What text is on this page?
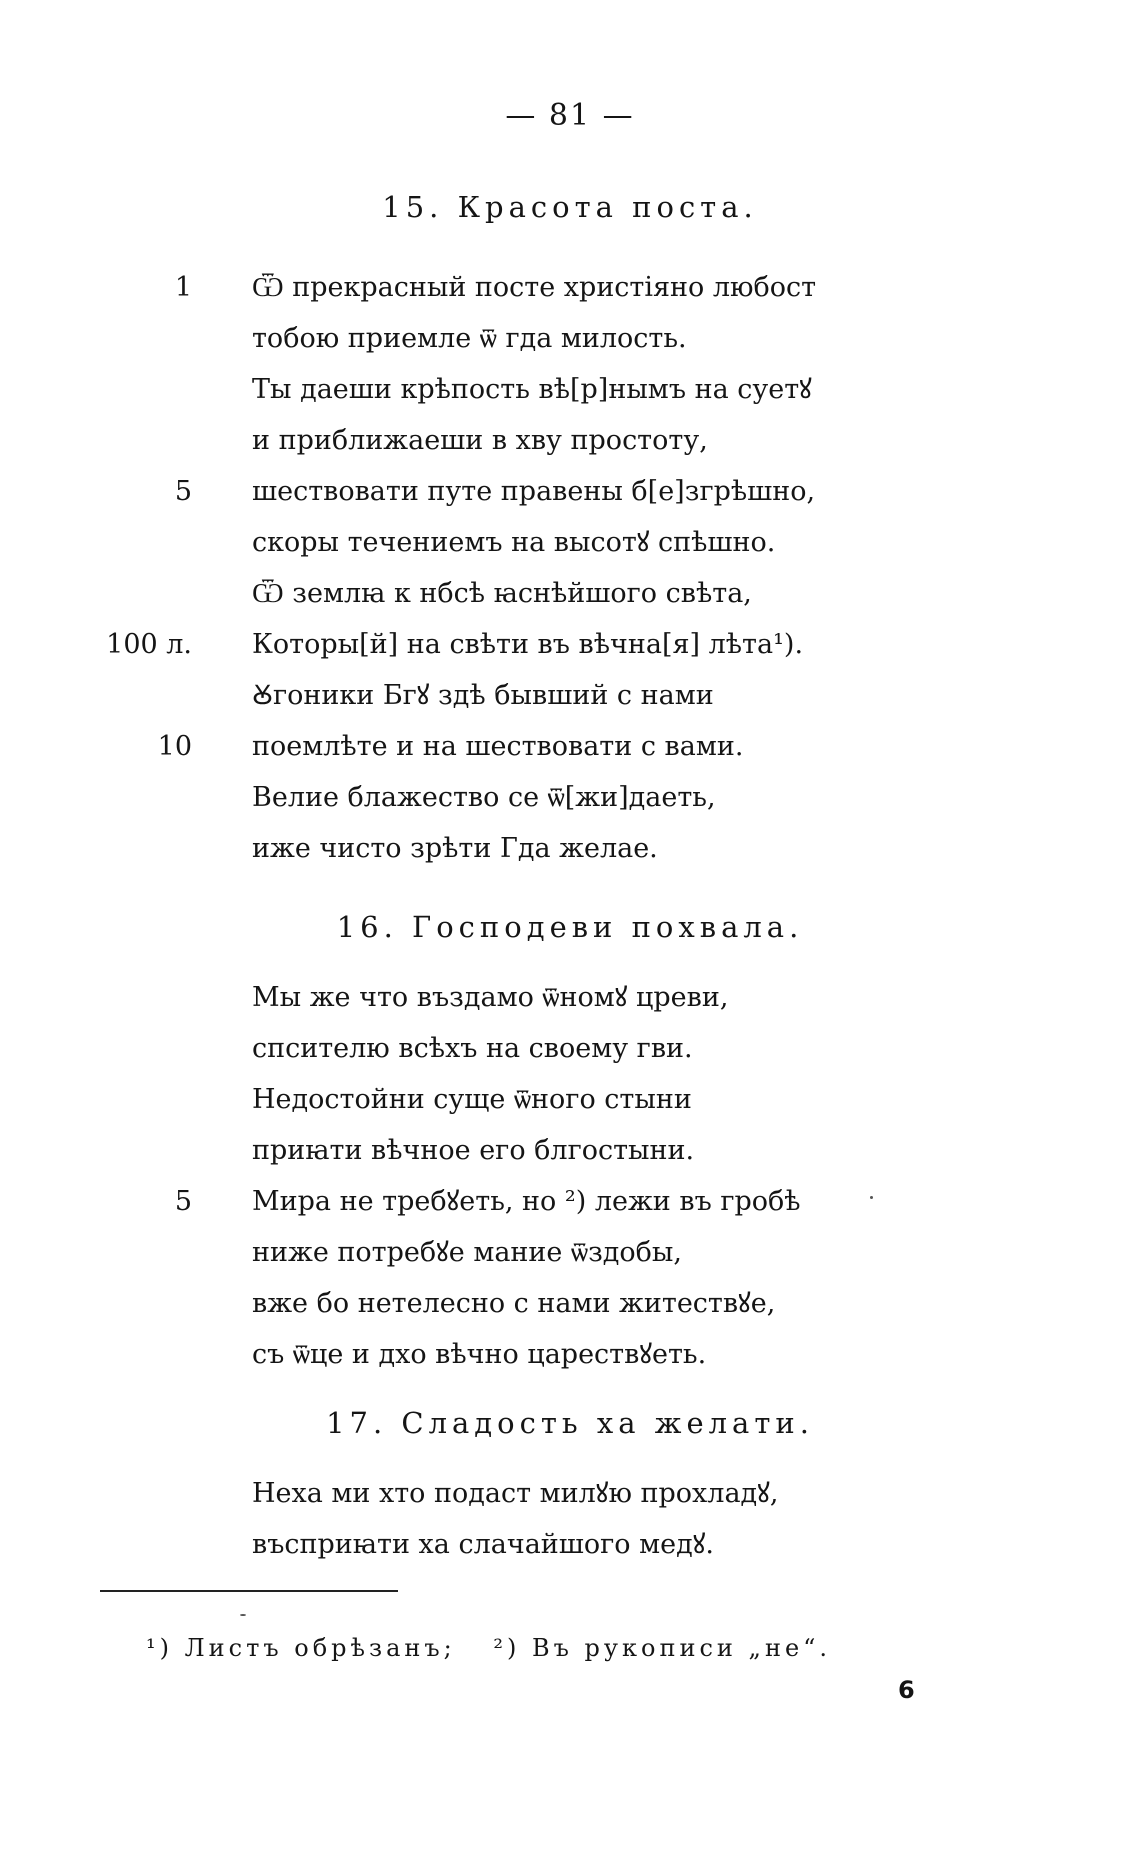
— 81 —
15. Красота поста.
1 Ѿ прекрасный посте христіяно любост
тобою приемле ѿ гда милость.
Ты даеши крѣпость вѣ[р]нымъ на суетꙋ
и приближаеши в хву простоту,
5 шествовати путе правены б[е]згрѣшно,
скоры течениемъ на высотꙋ спѣшно.
Ѿ землꙗ к нбсѣ ꙗснѣйшого свѣта,
100 л. Которы[й] на свѣти въ вѣчна[я] лѣта¹).
Ꙋгоники Бгꙋ здѣ бывший с нами
10 поемлѣте и на шествовати с вами.
Велие блажество се ѿ[жи]даеть,
иже чисто зрѣти Гда желае.
16. Господеви похвала.
Мы же что въздамо ѿномꙋ цреви,
спсителю всѣхъ на своему гви.
Недостойни суще ѿного стыни
приꙗти вѣчное его блгостыни.
5 Мира не требꙋеть, но ²) лежи въ гробѣ
ниже потребꙋе мание ѿздобы,
вже бо нетелесно с нами житествꙋе,
съ ѿце и дхо вѣчно царествꙋеть.
17. Сладость ха желати.
Неха ми хто подаст милꙋю прохладꙋ,
въсприꙗти ха слачайшого медꙋ.
¹) Листъ обрѣзанъ; ²) Въ рукописи „не“.
6
